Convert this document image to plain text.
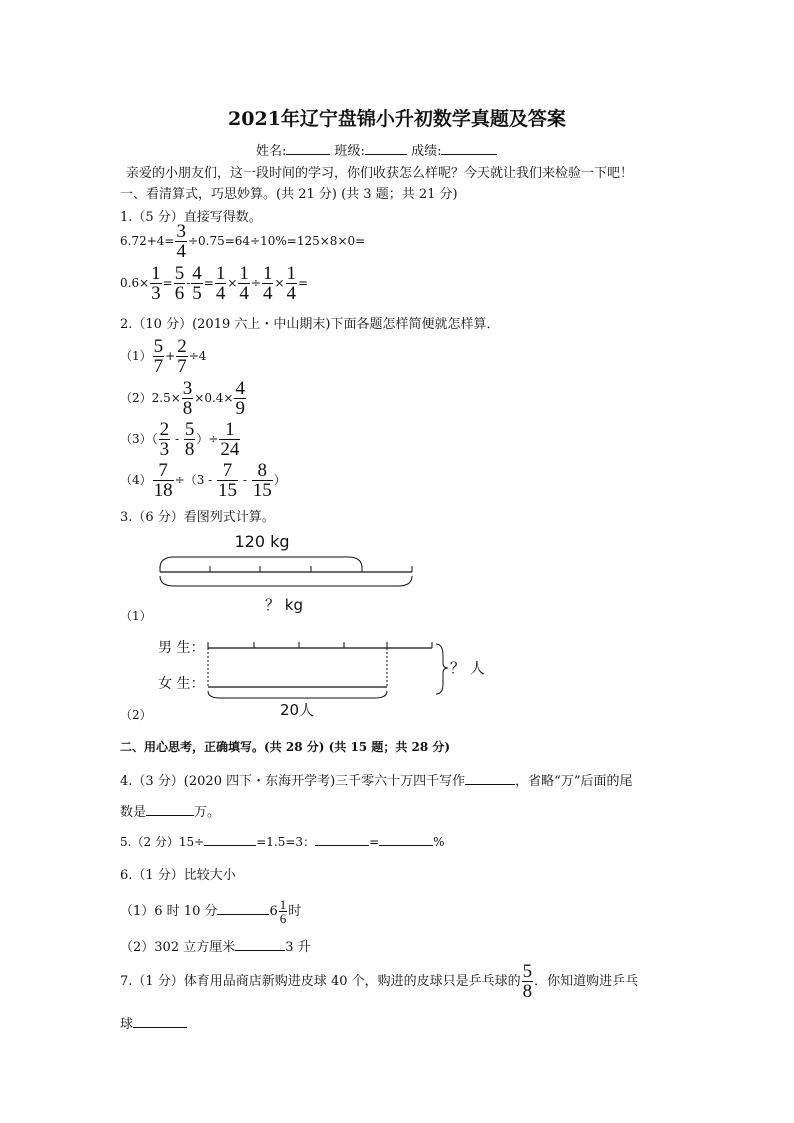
2021年辽宁盘锦小升初数学真题及答案
姓名:	班级:	成绩:
亲爱的小朋友们，这一段时间的学习，你们收获怎么样呢？今天就让我们来检验一下吧！
一、看清算式，巧思妙算。(共 21 分) (共 3 题；共 21 分)
1.（5 分）直接写得数。
$6.72+4= \frac{3}{4} \div 0.75=64\div 10\%=125\times 8\times 0=$
$0.6\times \frac{1}{3} = \frac{5}{6} - \frac{4}{5} = \frac{1}{4} \times \frac{1}{4} \div \frac{1}{4} \times \frac{1}{4}$ =
2.（10 分）(2019 六上・中山期末)下面各题怎样简便就怎样算．
$(1) \frac{5}{7} + \frac{2}{7} \div 4$
$(2)2.5\times \frac{3}{8} \times 0.4\times \frac{4}{9}$
$(3)( \frac{2}{3} - \frac{5}{8}$ ）÷ $\frac{1}{24}$
$(4) \frac{7}{18} \div(3 - \frac{7}{15} - \frac{8}{15}$ ）
3.（6 分）看图列式计算。
120 kg
？ kg
（1）
男 生：
女 生：
20人
？ 人
（2）
二、用心思考，正确填写。(共 28 分) (共 15 题；共 28 分)
4.（3 分）(2020 四下・东海开学考)三千零六十万四千写作	，省略“万”后面的尾
数是	万。
5.（2 分）15÷	=1.5=3：	=	%
6.（1 分）比较大小
（1）6 时 10 分	$6 \frac{1}{6}$ 时
（2）302 立方厘米	3 升
7.（1 分）体育用品商店新购进皮球 40 个，购进的皮球只是乒乓球的 $\frac{5}{8}$ ．你知道购进乒乓
球
